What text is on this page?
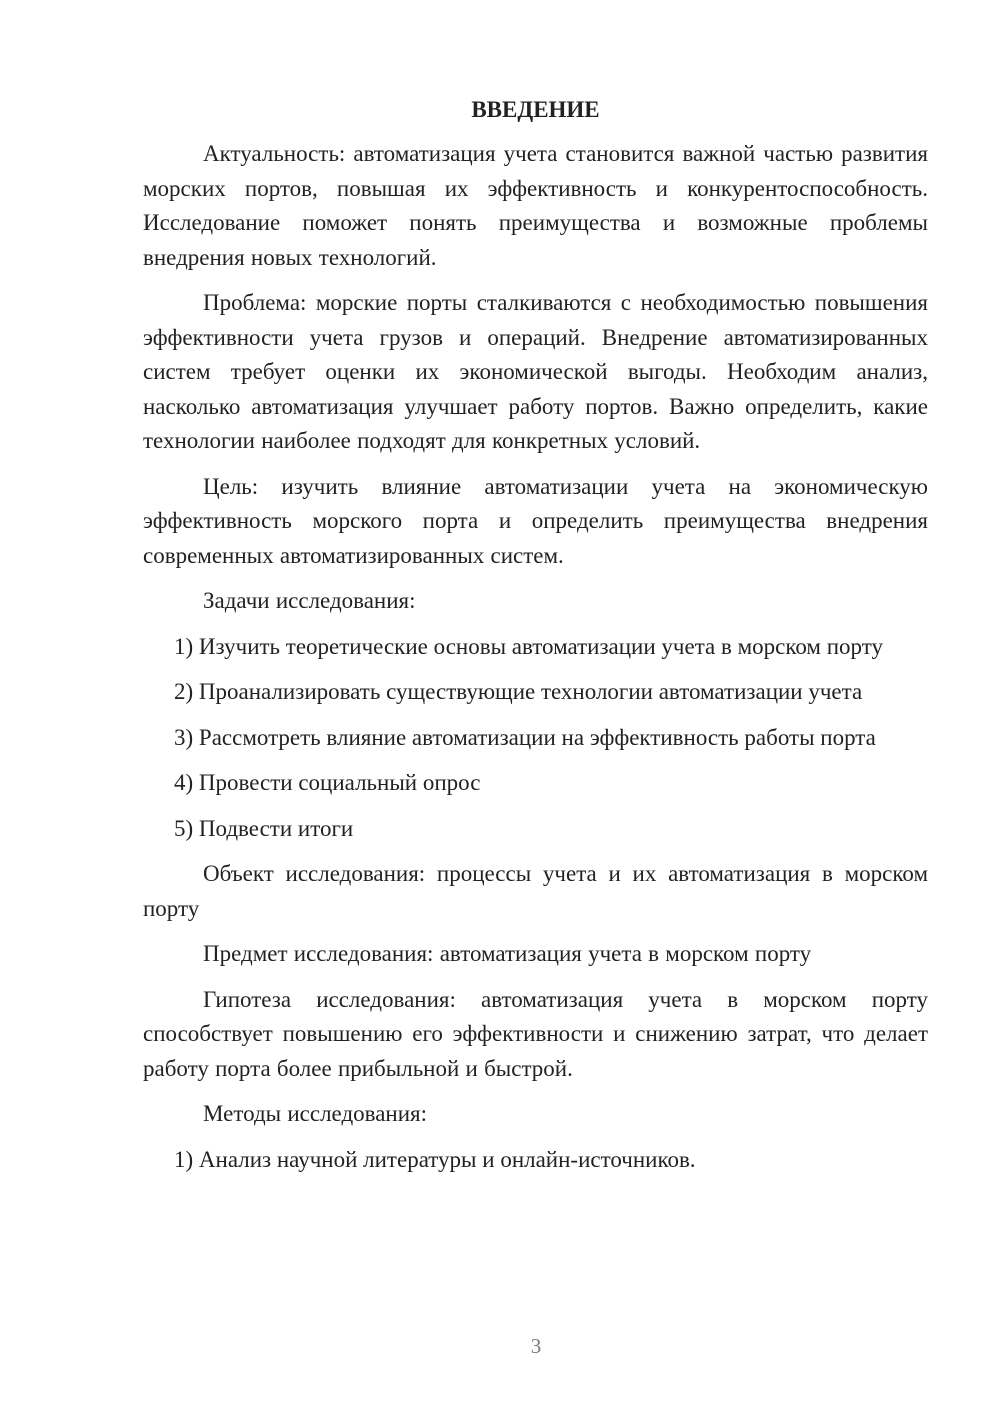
ВВЕДЕНИЕ

Актуальность: автоматизация учета становится важной частью развития морских портов, повышая их эффективность и конкурентоспособность. Исследование поможет понять преимущества и возможные проблемы внедрения новых технологий.

Проблема: морские порты сталкиваются с необходимостью повышения эффективности учета грузов и операций. Внедрение автоматизированных систем требует оценки их экономической выгоды. Необходим анализ, насколько автоматизация улучшает работу портов. Важно определить, какие технологии наиболее подходят для конкретных условий.

Цель: изучить влияние автоматизации учета на экономическую эффективность морского порта и определить преимущества внедрения современных автоматизированных систем.

Задачи исследования:

1) Изучить теоретические основы автоматизации учета в морском порту

2) Проанализировать существующие технологии автоматизации учета

3) Рассмотреть влияние автоматизации на эффективность работы порта

4) Провести социальный опрос

5) Подвести итоги

Объект исследования: процессы учета и их автоматизация в морском порту

Предмет исследования: автоматизация учета в морском порту

Гипотеза исследования: автоматизация учета в морском порту способствует повышению его эффективности и снижению затрат, что делает работу порта более прибыльной и быстрой.

Методы исследования:

1) Анализ научной литературы и онлайн-источников.

3
